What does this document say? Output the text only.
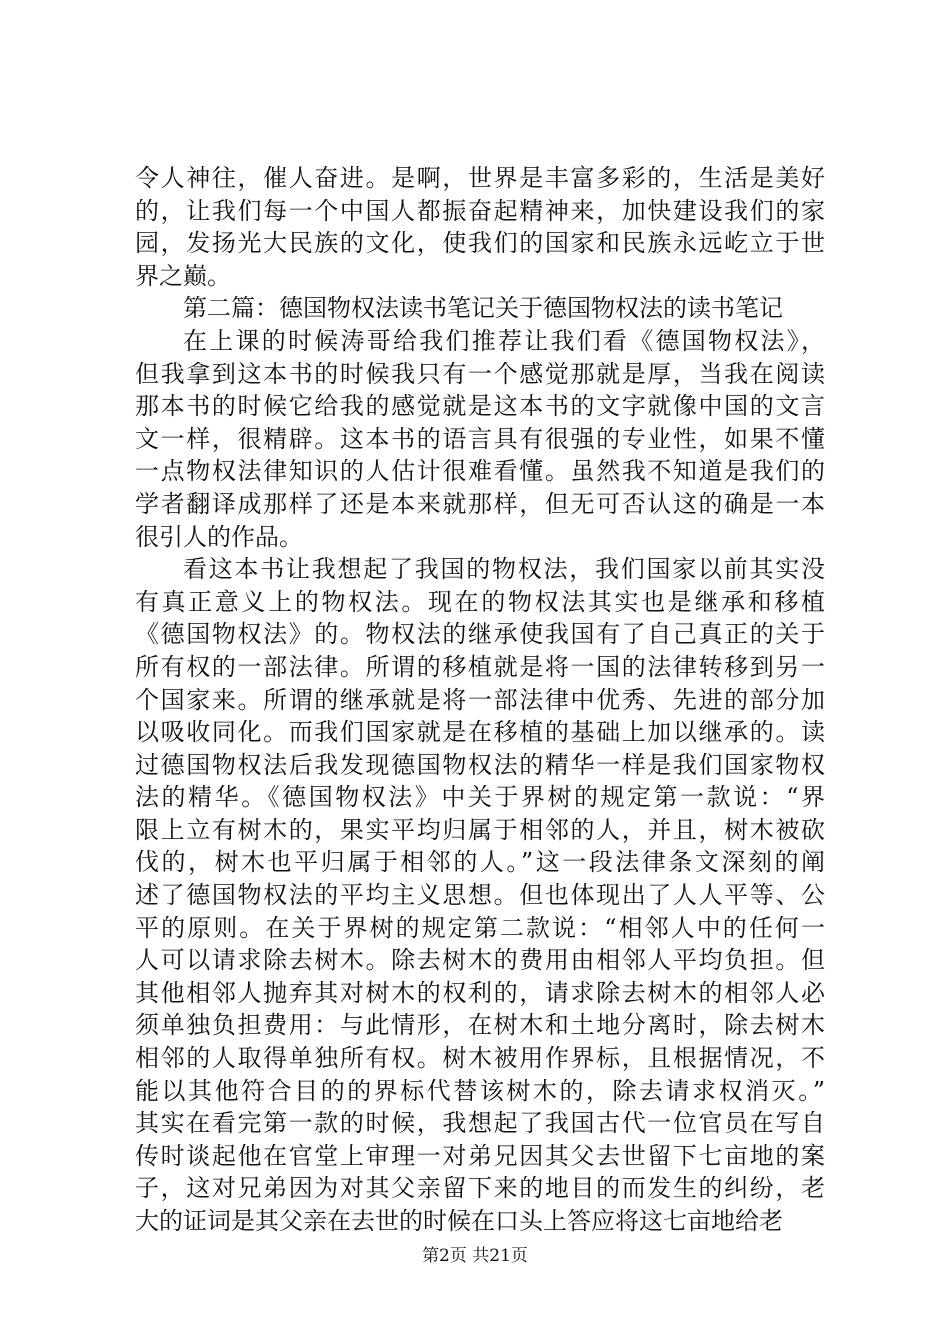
令人神往，催人奋进。是啊，世界是丰富多彩的，生活是美好
的，让我们每一个中国人都振奋起精神来，加快建设我们的家
园，发扬光大民族的文化，使我们的国家和民族永远屹立于世
界之巅。
第二篇：德国物权法读书笔记关于德国物权法的读书笔记
在上课的时候涛哥给我们推荐让我们看《德国物权法》，
但我拿到这本书的时候我只有一个感觉那就是厚，当我在阅读
那本书的时候它给我的感觉就是这本书的文字就像中国的文言
文一样，很精辟。这本书的语言具有很强的专业性，如果不懂
一点物权法律知识的人估计很难看懂。虽然我不知道是我们的
学者翻译成那样了还是本来就那样，但无可否认这的确是一本
很引人的作品。
看这本书让我想起了我国的物权法，我们国家以前其实没
有真正意义上的物权法。现在的物权法其实也是继承和移植
《德国物权法》的。物权法的继承使我国有了自己真正的关于
所有权的一部法律。所谓的移植就是将一国的法律转移到另一
个国家来。所谓的继承就是将一部法律中优秀、先进的部分加
以吸收同化。而我们国家就是在移植的基础上加以继承的。读
过德国物权法后我发现德国物权法的精华一样是我们国家物权
法的精华。《德国物权法》中关于界树的规定第一款说：“界
限上立有树木的，果实平均归属于相邻的人，并且，树木被砍
伐的，树木也平归属于相邻的人。”这一段法律条文深刻的阐
述了德国物权法的平均主义思想。但也体现出了人人平等、公
平的原则。在关于界树的规定第二款说：“相邻人中的任何一
人可以请求除去树木。除去树木的费用由相邻人平均负担。但
其他相邻人抛弃其对树木的权利的，请求除去树木的相邻人必
须单独负担费用：与此情形，在树木和土地分离时，除去树木
相邻的人取得单独所有权。树木被用作界标，且根据情况，不
能以其他符合目的的界标代替该树木的，除去请求权消灭。”
其实在看完第一款的时候，我想起了我国古代一位官员在写自
传时谈起他在官堂上审理一对弟兄因其父去世留下七亩地的案
子，这对兄弟因为对其父亲留下来的地目的而发生的纠纷，老
大的证词是其父亲在去世的时候在口头上答应将这七亩地给老
第2页 共21页
